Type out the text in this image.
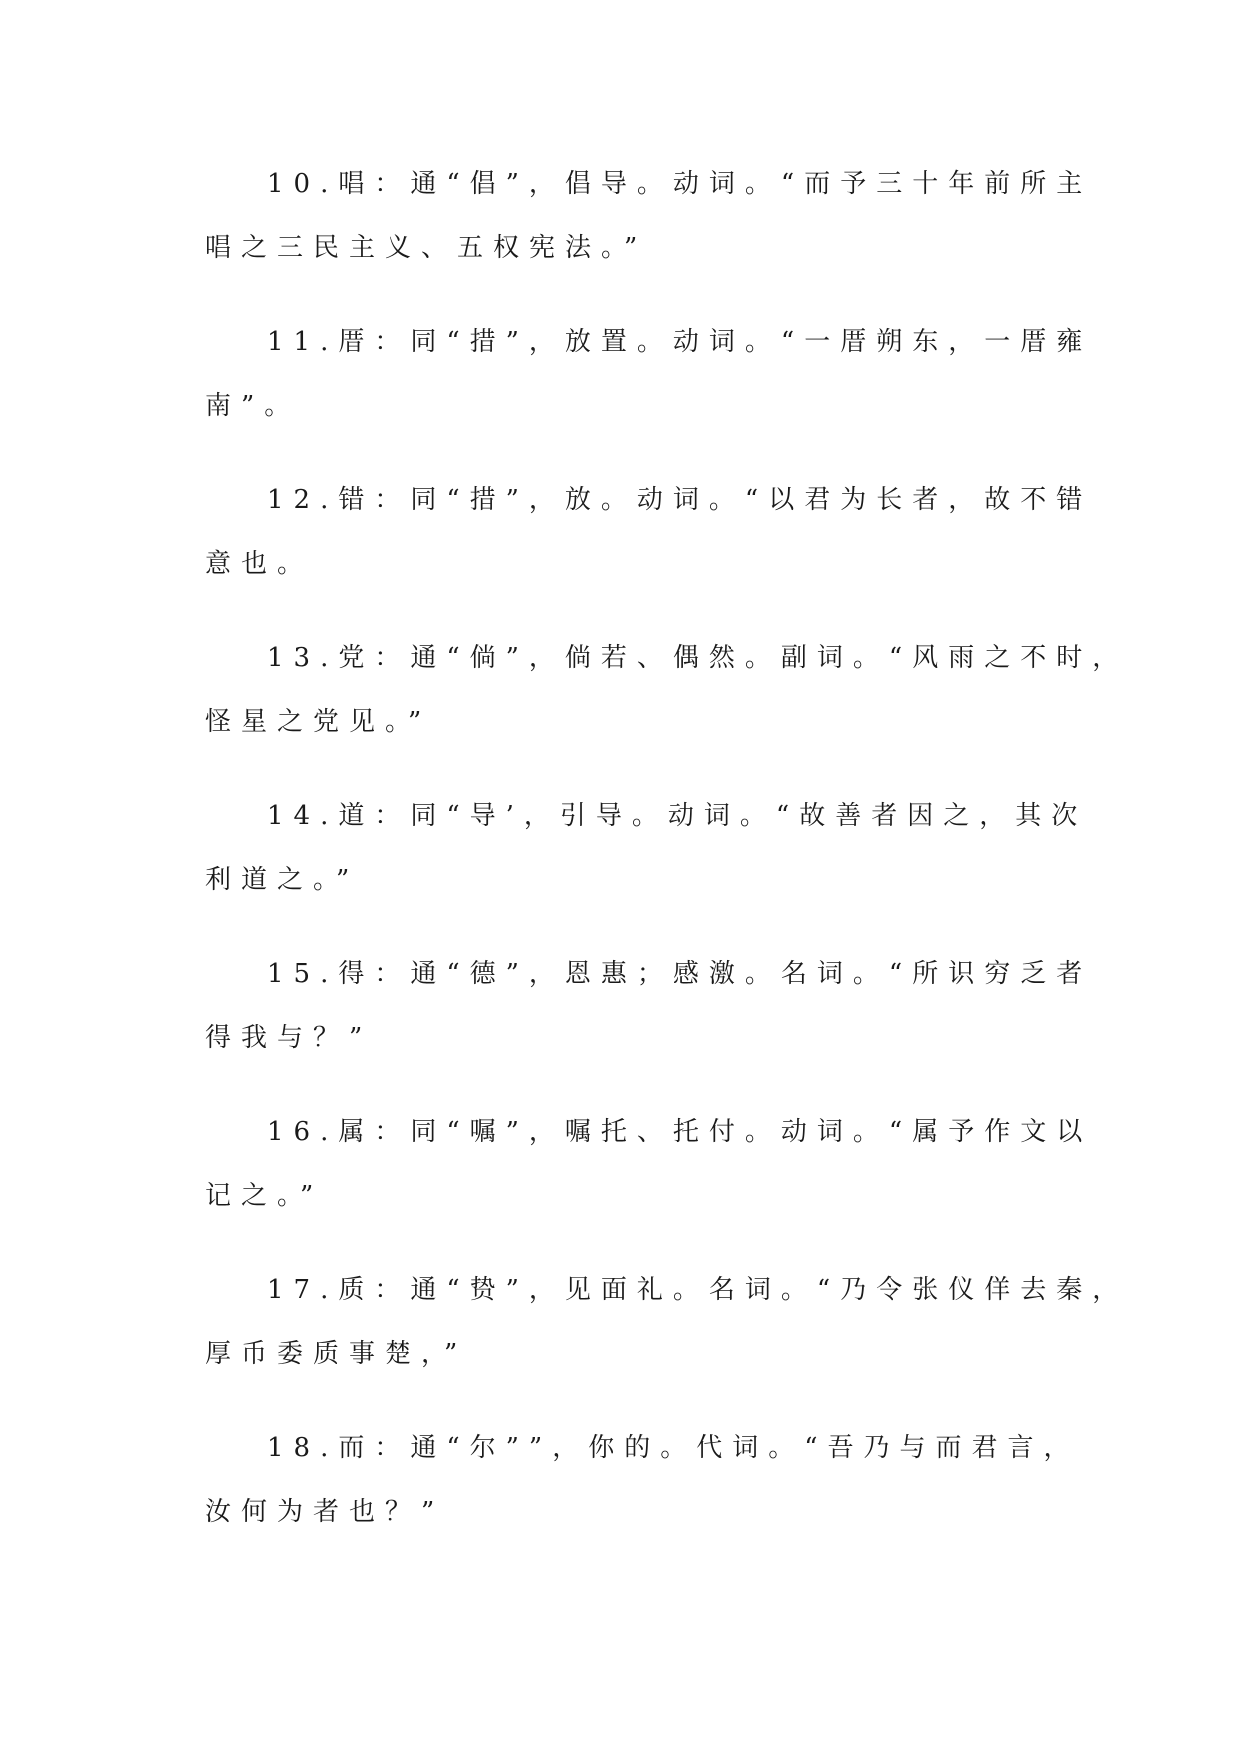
10.唱：通“倡”，倡导。动词。“而予三十年前所主

唱之三民主义、五权宪法。”

11.厝：同“措”，放置。动词。“一厝朔东，一厝雍

南”。

12.错：同“措”，放。动词。“以君为长者，故不错

意也。

13.党：通“倘”，倘若、偶然。副词。“风雨之不时，

怪星之党见。”

14.道：同“导’，引导。动词。“故善者因之，其次

利道之。”

15.得：通“德”，恩惠；感激。名词。“所识穷乏者

得我与？”

16.属：同“嘱”，嘱托、托付。动词。“属予作文以

记之。”

17.质：通“贽”，见面礼。名词。“乃令张仪佯去秦，

厚币委质事楚，”

18.而：通“尔””，你的。代词。“吾乃与而君言，

汝何为者也？”
